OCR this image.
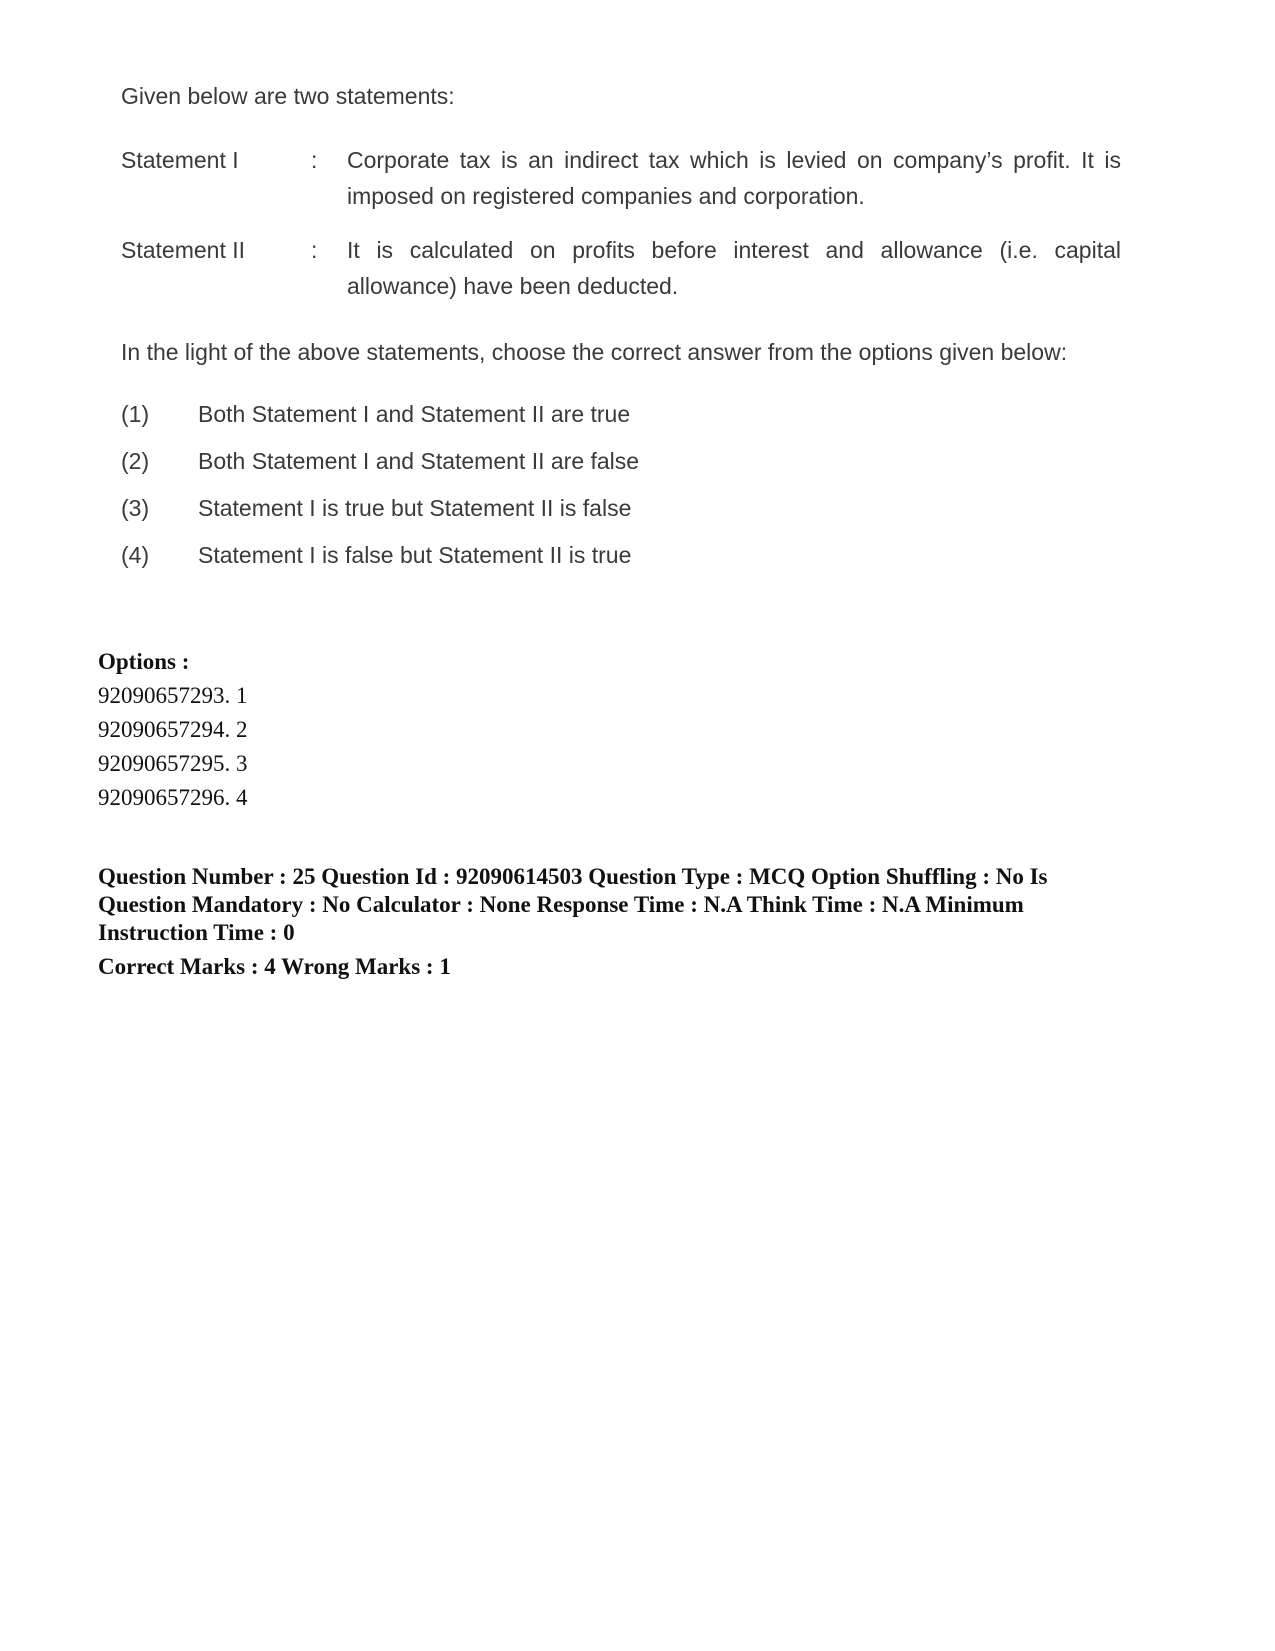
Given below are two statements:

Statement I	:	Corporate tax is an indirect tax which is levied on company’s profit. It is imposed on registered companies and corporation.
Statement II	:	It is calculated on profits before interest and allowance (i.e. capital allowance) have been deducted.

In the light of the above statements, choose the correct answer from the options given below:

(1)	Both Statement I and Statement II are true
(2)	Both Statement I and Statement II are false
(3)	Statement I is true but Statement II is false
(4)	Statement I is false but Statement II is true

Options :

92090657293. 1

92090657294. 2

92090657295. 3

92090657296. 4

Question Number : 25 Question Id : 92090614503 Question Type : MCQ Option Shuffling : No Is Question Mandatory : No Calculator : None Response Time : N.A Think Time : N.A Minimum Instruction Time : 0

Correct Marks : 4 Wrong Marks : 1
